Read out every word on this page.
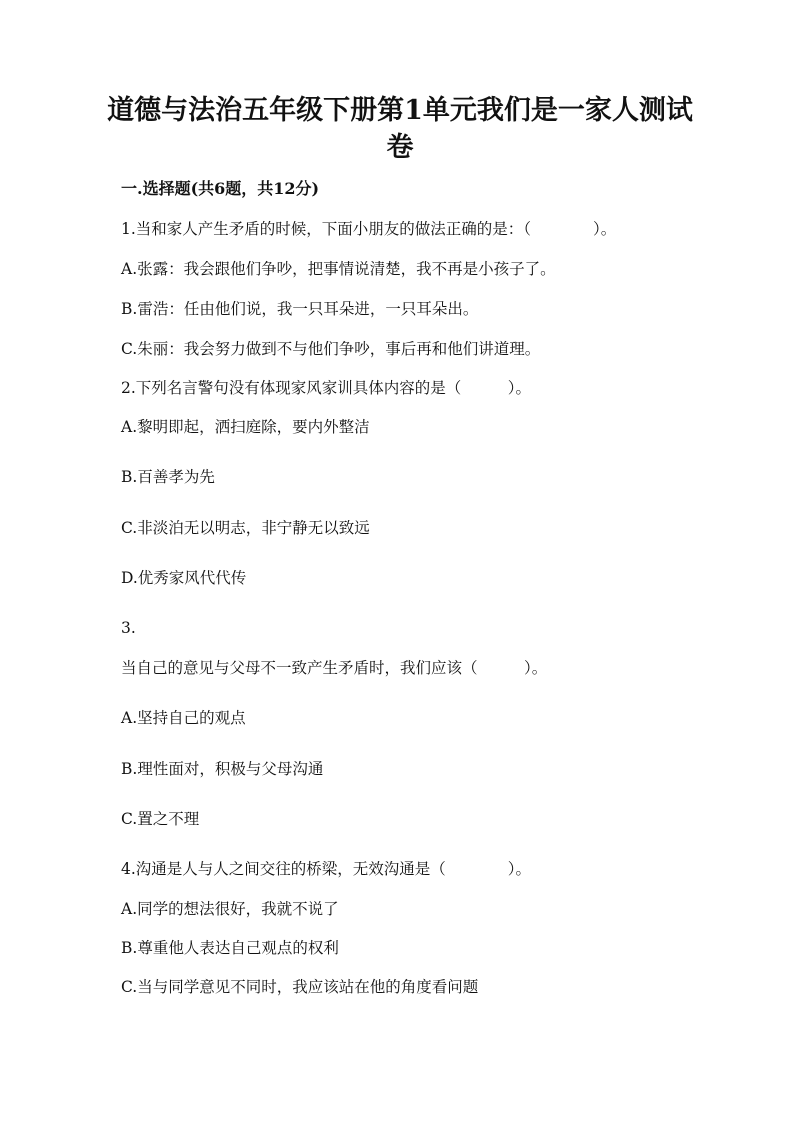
道德与法治五年级下册第1单元我们是一家人测试
卷
一.选择题(共6题，共12分)
1.当和家人产生矛盾的时候，下面小朋友的做法正确的是：（　　　　）。
A.张露：我会跟他们争吵，把事情说清楚，我不再是小孩子了。
B.雷浩：任由他们说，我一只耳朵进，一只耳朵出。
C.朱丽：我会努力做到不与他们争吵，事后再和他们讲道理。
2.下列名言警句没有体现家风家训具体内容的是（　　　）。
A.黎明即起，洒扫庭除，要内外整洁
B.百善孝为先
C.非淡泊无以明志，非宁静无以致远
D.优秀家风代代传
3.
当自己的意见与父母不一致产生矛盾时，我们应该（　　　）。
A.坚持自己的观点
B.理性面对，积极与父母沟通
C.置之不理
4.沟通是人与人之间交往的桥梁，无效沟通是（　　　　）。
A.同学的想法很好，我就不说了
B.尊重他人表达自己观点的权利
C.当与同学意见不同时，我应该站在他的角度看问题
